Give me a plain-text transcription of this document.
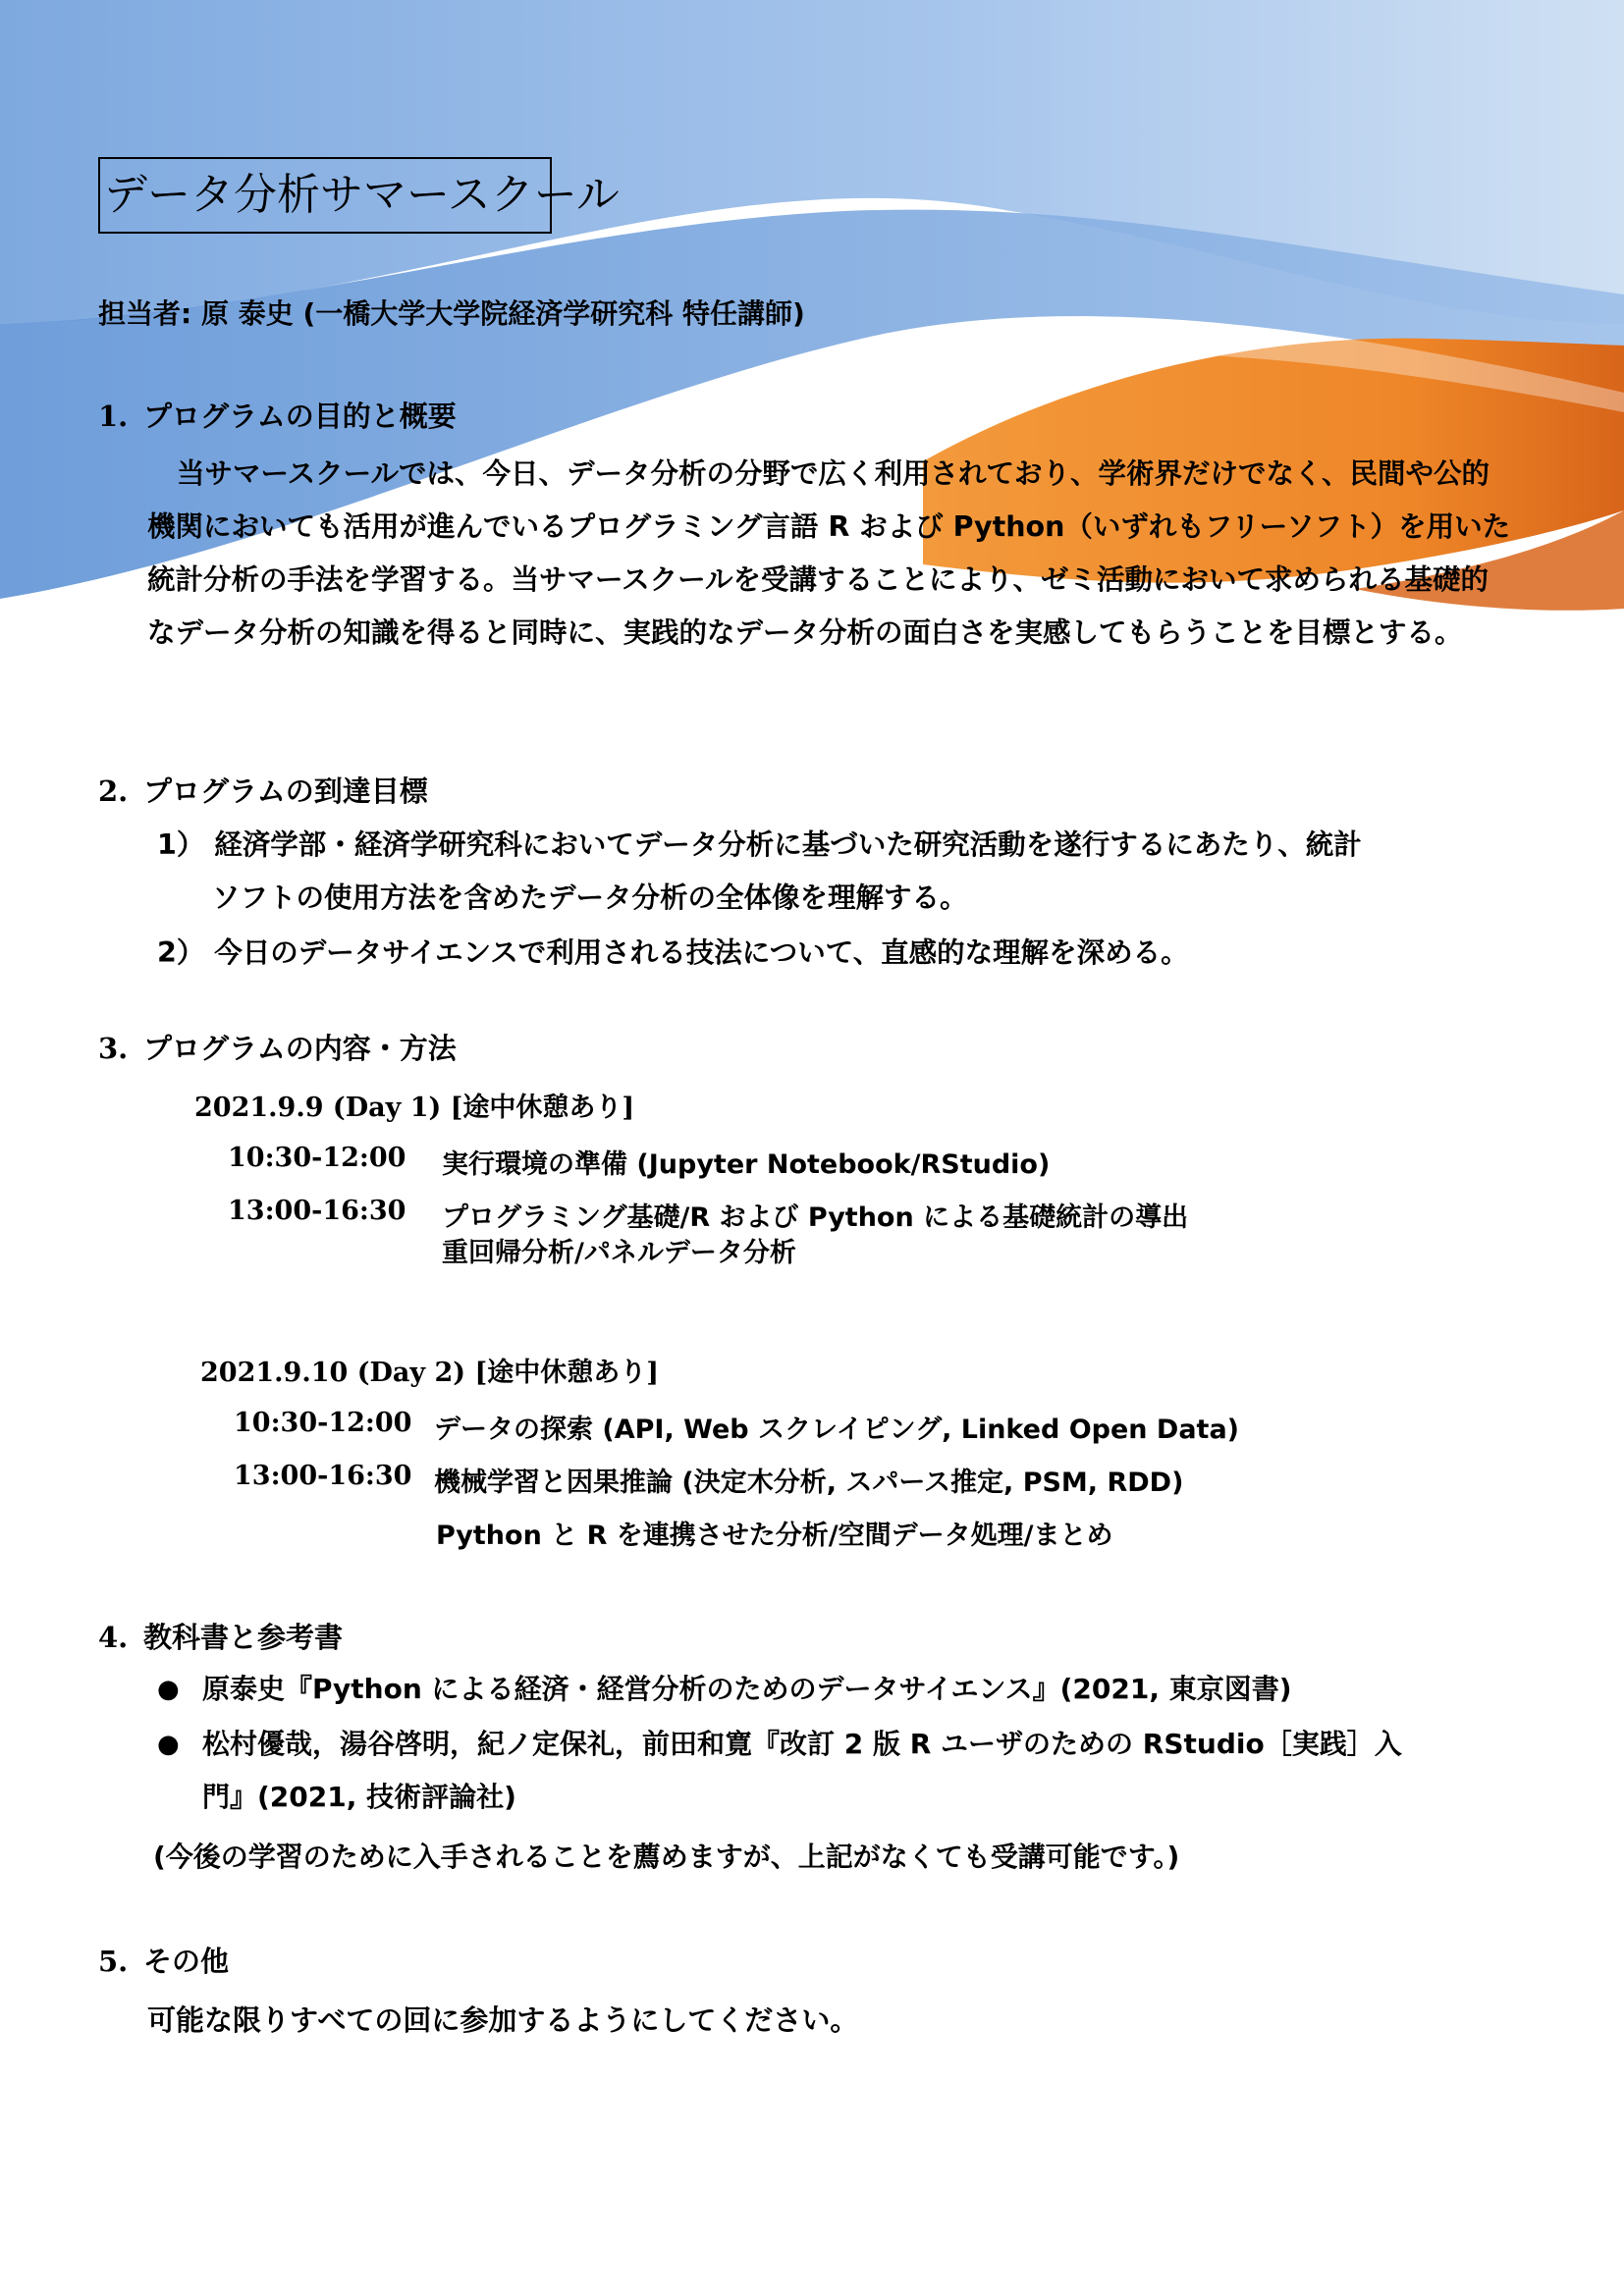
データ分析サマースクール
担当者: 原 泰史 (一橋大学大学院経済学研究科 特任講師)
1. プログラムの目的と概要
当サマースクールでは、今日、データ分析の分野で広く利用されており、学術界だけでなく、民間や公的
機関においても活用が進んでいるプログラミング言語 R および Python（いずれもフリーソフト）を用いた
統計分析の手法を学習する。当サマースクールを受講することにより、ゼミ活動において求められる基礎的
なデータ分析の知識を得ると同時に、実践的なデータ分析の面白さを実感してもらうことを目標とする。
2. プログラムの到達目標
1） 経済学部・経済学研究科においてデータ分析に基づいた研究活動を遂行するにあたり、統計
ソフトの使用方法を含めたデータ分析の全体像を理解する。
2） 今日のデータサイエンスで利用される技法について、直感的な理解を深める。
3. プログラムの内容・方法
2021.9.9 (Day 1) [途中休憩あり]
10:30-12:00 実行環境の準備 (Jupyter Notebook/RStudio)
13:00-16:30 プログラミング基礎/R および Python による基礎統計の導出
重回帰分析/パネルデータ分析
2021.9.10 (Day 2) [途中休憩あり]
10:30-12:00 データの探索 (API, Web スクレイピング, Linked Open Data)
13:00-16:30 機械学習と因果推論 (決定木分析, スパース推定, PSM, RDD)
Python と R を連携させた分析/空間データ処理/まとめ
4. 教科書と参考書
● 原泰史『Python による経済・経営分析のためのデータサイエンス』(2021, 東京図書)
● 松村優哉，湯谷啓明，紀ノ定保礼，前田和寛『改訂 2 版 R ユーザのための RStudio［実践］入
門』(2021, 技術評論社)
(今後の学習のために入手されることを薦めますが、上記がなくても受講可能です。)
5. その他
可能な限りすべての回に参加するようにしてください。
